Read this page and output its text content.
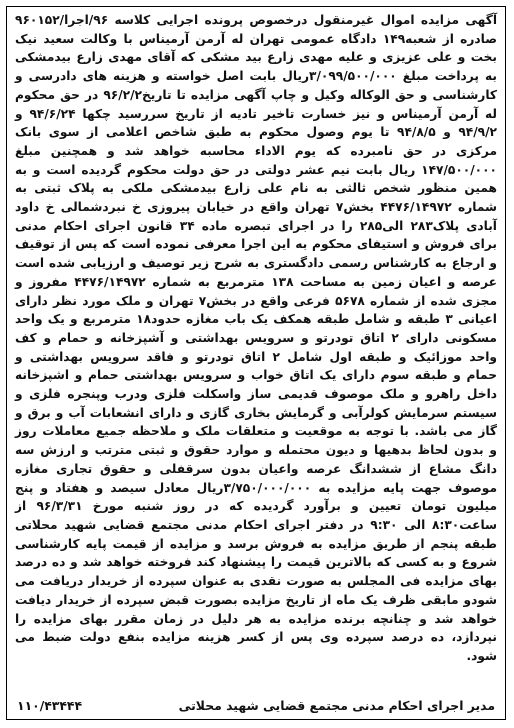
آگهی مزایده اموال غیرمنقول درخصوص پرونده اجرایی کلاسه ۹۶/اجرا/۹۶۰۱۵۲ صادره از شعبه۱۴۹ دادگاه عمومی تهران له آرمن آرمیناس با وکالت سعید نیک بخت و علی عزیزی و علیه مهدی زارع بید مشکی که آقای مهدی زارع بیدمشکی به پرداخت مبلغ ۳/۰۹۹/۵۰۰/۰۰۰ریال بابت اصل خواسته و هزینه های دادرسی و کارشناسی و حق الوکاله وکیل و چاپ آگهی مزایده تا تاریخ۹۶/۲/۲ در حق محکوم له آرمن آرمیناس و نیز خسارت تاخیر تادیه از تاریخ سررسید چکها ۹۴/۶/۲۴ و ۹۴/۹/۲ و ۹۴/۸/۵ تا یوم وصول محکوم به طبق شاخص اعلامی از سوی بانک مرکزی در حق نامبرده که یوم الاداء محاسبه خواهد شد و همچنین مبلغ ۱۴۷/۵۰۰/۰۰۰ ریال بابت نیم عشر دولتی در حق دولت محکوم گردیده است و به همین منظور شخص ثالثی به نام علی زارع بیدمشکی ملکی به پلاک ثبتی به شماره ۴۴۷۶/۱۴۹۷۲ بخش۷ تهران واقع در خیابان پیروزی خ نبردشمالی خ داود آبادی پلاک۲۸۳ الی۲۸۵ را در اجرای تبصره ماده ۳۴ قانون اجرای احکام مدنی برای فروش و استیفای محکوم به این اجرا معرفی نموده است که پس از توقیف و ارجاع به کارشناس رسمی دادگستری به شرح زیر توصیف و ارزیابی شده است عرصه و اعیان زمین به مساحت ۱۳۸ مترمربع به شماره ۴۴۷۶/۱۴۹۷۲ مفروز و مجزی شده از شماره ۵۶۷۸ فرعی واقع در بخش۷ تهران و ملک مورد نظر دارای اعیانی ۳ طبقه و شامل طبقه همکف یک باب مغازه حدود۱۸ مترمربع و یک واحد مسکونی دارای ۲ اتاق تودرتو و سرویس بهداشتی و آشپزخانه و حمام و کف واحد موزائیک و طبقه اول شامل ۲ اتاق تودرتو و فاقد سرویس بهداشتی و حمام و طبقه سوم دارای یک اتاق خواب و سرویس بهداشتی حمام و اشپزخانه داخل راهرو و ملک موصوف قدیمی ساز واسکلت فلزی ودرب وپنجره فلزی و سیستم سرمایش کولرآبی و گرمایش بخاری گازی و دارای انشعابات آب و برق و گاز می باشد. با توجه به موقعیت و متعلقات ملک و ملاحظه جمیع معاملات روز و بدون لحاظ بدهیها و دیون محتمله و موارد حقوق و ثبتی مترتب و ارزش سه دانگ مشاع از ششدانگ عرصه واعیان بدون سرقفلی و حقوق تجاری مغازه موصوف جهت پایه مزایده به ۳/۷۵۰/۰۰۰/۰۰۰ریال معادل سیصد و هفتاد و پنج میلیون تومان تعیین و برآورد گردیده که در روز شنبه مورخ ۹۶/۳/۳۱ از ساعت۸:۳۰ الی ۹:۳۰ در دفتر اجرای احکام مدنی مجتمع قضایی شهید محلاتی طبقه پنجم از طریق مزایده به فروش برسد و مزایده از قیمت پایه کارشناسی شروع و به کسی که بالاترین قیمت را پیشنهاد کند فروخته خواهد شد و ده درصد بهای مزایده فی المجلس به صورت نقدی به عنوان سپرده از خریدار دریافت می شودو مابقی ظرف یک ماه از تاریخ مزایده بصورت قبض سپرده از خریدار دیافت خواهد شد و چنانچه برنده مزایده به هر دلیل در زمان مقرر بهای مزایده را نپردازد، ده درصد سپرده وی پس از کسر هزینه مزایده بنفع دولت ضبط می شود.

مدیر اجرای احکام مدنی مجتمع قضایی شهید محلاتی
۱۱۰/۴۳۴۴۴
